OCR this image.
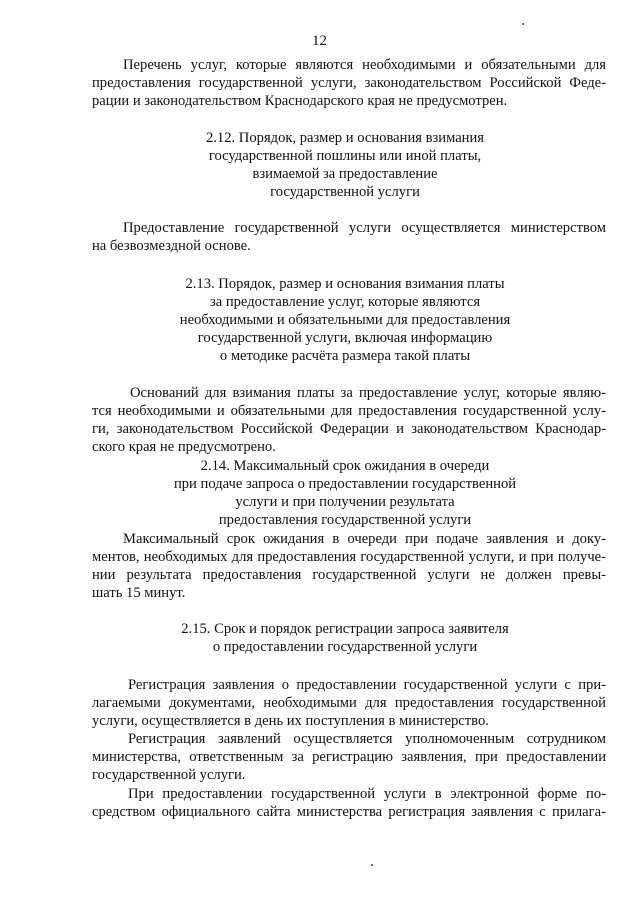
12
Перечень услуг, которые являются необходимыми и обязательными для
предоставления государственной услуги, законодательством Российской Феде-
рации и законодательством Краснодарского края не предусмотрен.
2.12. Порядок, размер и основания взимания
государственной пошлины или иной платы,
взимаемой за предоставление
государственной услуги
Предоставление государственной услуги осуществляется министерством
на безвозмездной основе.
2.13. Порядок, размер и основания взимания платы
за предоставление услуг, которые являются
необходимыми и обязательными для предоставления
государственной услуги, включая информацию
о методике расчёта размера такой платы
Оснований для взимания платы за предоставление услуг, которые являю-
тся необходимыми и обязательными для предоставления государственной услу-
ги, законодательством Российской Федерации и законодательством Краснодар-
ского края не предусмотрено.
2.14. Максимальный срок ожидания в очереди
при подаче запроса о предоставлении государственной
услуги и при получении результата
предоставления государственной услуги
Максимальный срок ожидания в очереди при подаче заявления и доку-
ментов, необходимых для предоставления государственной услуги, и при получе-
нии результата предоставления государственной услуги не должен превы-
шать 15 минут.
2.15. Срок и порядок регистрации запроса заявителя
о предоставлении государственной услуги
Регистрация заявления о предоставлении государственной услуги с при-
лагаемыми документами, необходимыми для предоставления государственной
услуги, осуществляется в день их поступления в министерство.
Регистрация заявлений осуществляется уполномоченным сотрудником
министерства, ответственным за регистрацию заявления, при предоставлении
государственной услуги.
При предоставлении государственной услуги в электронной форме по-
средством официального сайта министерства регистрация заявления с прилага-
